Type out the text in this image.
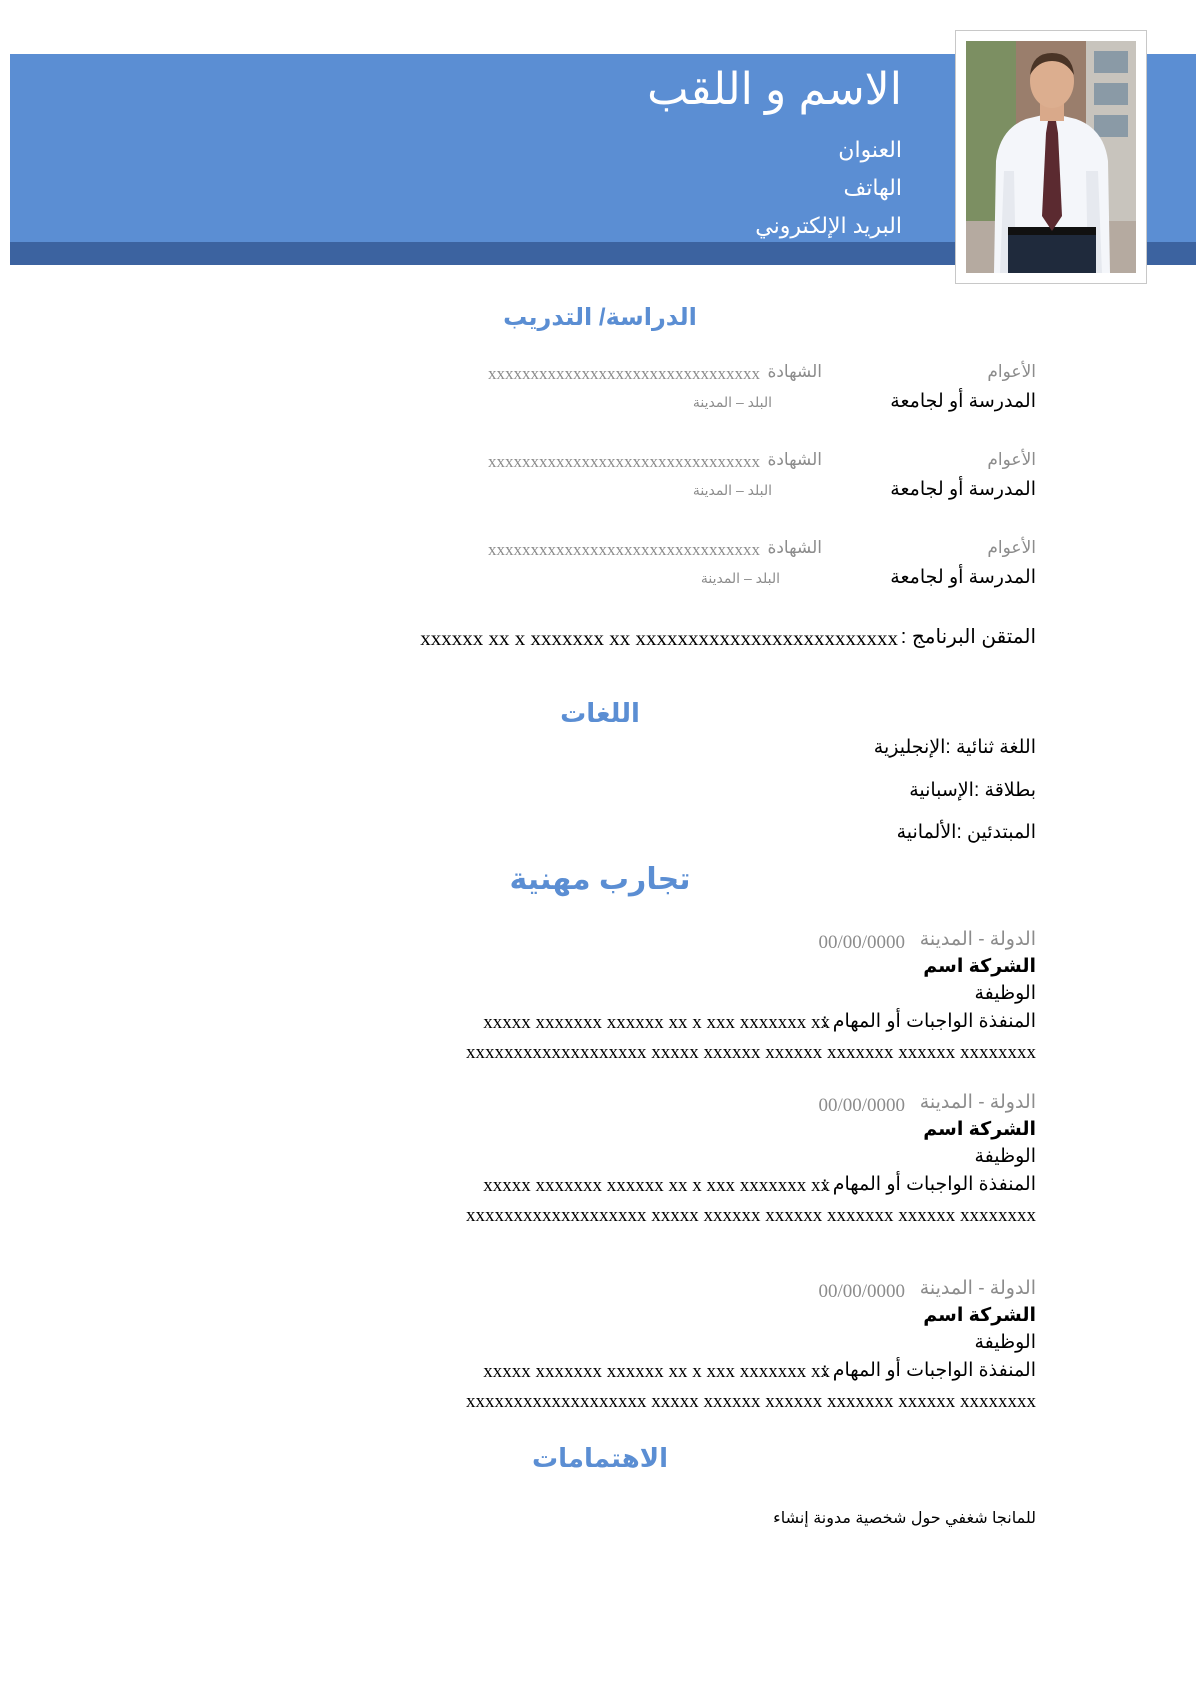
الاسم و اللقب
العنوان
الهاتف
البريد الإلكتروني
الدراسة/ التدريب
الأعوام
المدرسة أو لجامعة
الشهادة
xxxxxxxxxxxxxxxxxxxxxxxxxxxxxxxx
البلد – المدينة
الأعوام
المدرسة أو لجامعة
الشهادة
xxxxxxxxxxxxxxxxxxxxxxxxxxxxxxxx
البلد – المدينة
الأعوام
المدرسة أو لجامعة
الشهادة
xxxxxxxxxxxxxxxxxxxxxxxxxxxxxxxx
البلد – المدينة
المتقن البرنامج :
xxxxxx xx x xxxxxxx xx xxxxxxxxxxxxxxxxxxxxxxxxx
اللغات
اللغة ثنائية :الإنجليزية
بطلاقة :الإسبانية
المبتدئين :الألمانية
تجارب مهنية
الدولة - المدينة
00/00/0000
الشركة اسم
الوظيفة
المنفذة الواجبات أو المهام :
xxxxx xxxxxxx xxxxxx xx x xxx xxxxxxx xx
xxxxxxxxxxxxxxxxxxx xxxxx xxxxxx xxxxxx xxxxxxx xxxxxx xxxxxxxx
الدولة - المدينة
00/00/0000
الشركة اسم
الوظيفة
المنفذة الواجبات أو المهام :
xxxxx xxxxxxx xxxxxx xx x xxx xxxxxxx xx
xxxxxxxxxxxxxxxxxxx xxxxx xxxxxx xxxxxx xxxxxxx xxxxxx xxxxxxxx
الدولة - المدينة
00/00/0000
الشركة اسم
الوظيفة
المنفذة الواجبات أو المهام :
xxxxx xxxxxxx xxxxxx xx x xxx xxxxxxx xx
xxxxxxxxxxxxxxxxxxx xxxxx xxxxxx xxxxxx xxxxxxx xxxxxx xxxxxxxx
الاهتمامات
للمانجا شغفي حول شخصية مدونة إنشاء
